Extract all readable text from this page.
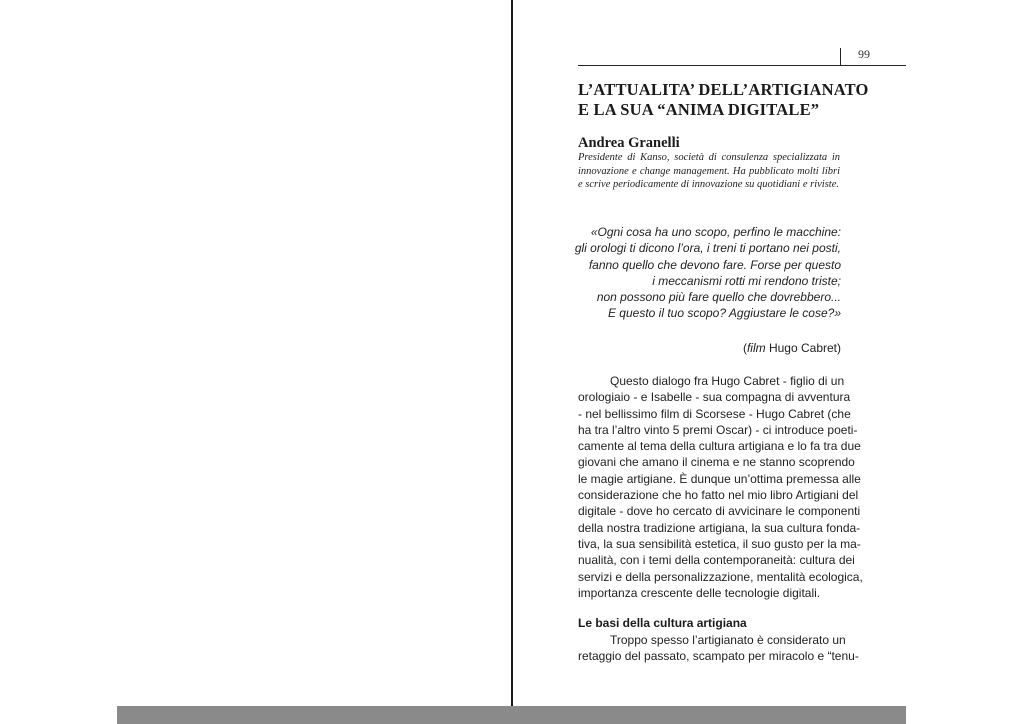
99
L’ATTUALITA’ DELL’ARTIGIANATO
E LA SUA “ANIMA DIGITALE”
Andrea Granelli
Presidente di Kanso, società di consulenza specializzata in
innovazione e change management. Ha pubblicato molti libri
e scrive periodicamente di innovazione su quotidiani e riviste.
«Ogni cosa ha uno scopo, perfino le macchine:
gli orologi ti dicono l’ora, i treni ti portano nei posti,
fanno quello che devono fare. Forse per questo
i meccanismi rotti mi rendono triste;
non possono più fare quello che dovrebbero...
E questo il tuo scopo? Aggiustare le cose?»
(film Hugo Cabret)
Questo dialogo fra Hugo Cabret - figlio di un
orologiaio - e Isabelle - sua compagna di avventura
- nel bellissimo film di Scorsese - Hugo Cabret (che
ha tra l’altro vinto 5 premi Oscar) - ci introduce poeti-
camente al tema della cultura artigiana e lo fa tra due
giovani che amano il cinema e ne stanno scoprendo
le magie artigiane. È dunque un’ottima premessa alle
considerazione che ho fatto nel mio libro Artigiani del
digitale - dove ho cercato di avvicinare le componenti
della nostra tradizione artigiana, la sua cultura fonda-
tiva, la sua sensibilità estetica, il suo gusto per la ma-
nualità, con i temi della contemporaneità: cultura dei
servizi e della personalizzazione, mentalità ecologica,
importanza crescente delle tecnologie digitali.
Le basi della cultura artigiana
Troppo spesso l’artigianato è considerato un
retaggio del passato, scampato per miracolo e “tenu-
